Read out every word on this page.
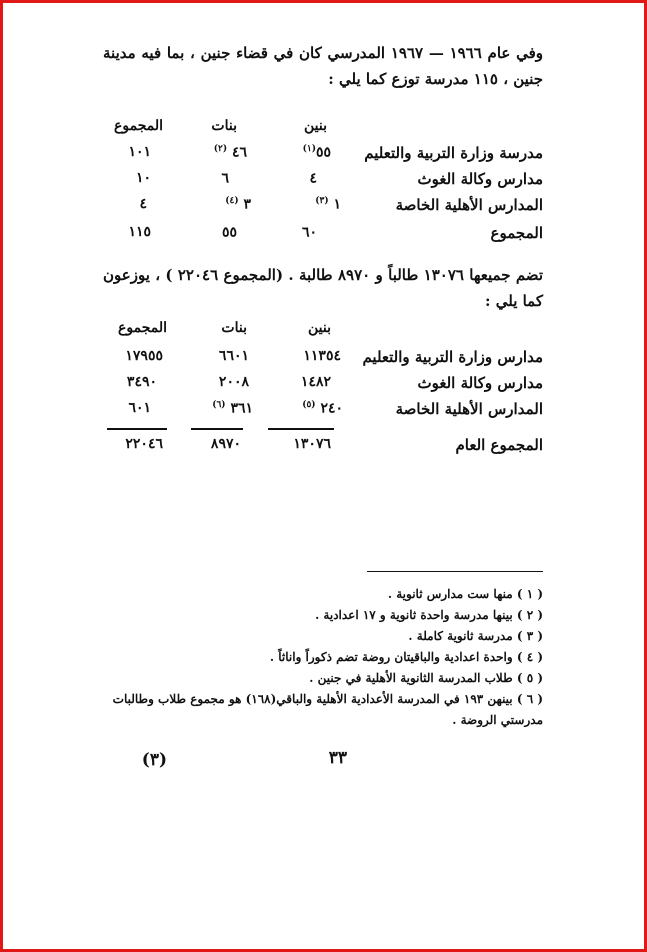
وفي عام ١٩٦٦ — ١٩٦٧ المدرسي كان في قضاء جنين ، بما فيه مدينة جنين ، ١١٥ مدرسة توزع كما يلي :
بنين
بنات
المجموع
مدرسة وزارة التربية والتعليم
٥٥$^{(١)}$
٤٦ $^{(٢)}$
١٠١
مدارس وكالة الغوث
٤
٦
١٠
المدارس الأهلية الخاصة
١ $^{(٣)}$
٣ $^{(٤)}$
٤
المجموع
٦٠
٥٥
١١٥
تضم جميعها ١٣٠٧٦ طالباً و ٨٩٧٠ طالبة . (المجموع ٢٢٠٤٦ ) ، يوزعون كما يلي :
بنين
بنات
المجموع
مدارس وزارة التربية والتعليم
١١٣٥٤
٦٦٠١
١٧٩٥٥
مدارس وكالة الغوث
١٤٨٢
٢٠٠٨
٣٤٩٠
المدارس الأهلية الخاصة
٢٤٠ $^{(٥)}$
٣٦١ $^{(٦)}$
٦٠١
المجموع العام
١٣٠٧٦
٨٩٧٠
٢٢٠٤٦

( ١ ) منها ست مدارس ثانوية .

( ٢ ) بينها مدرسة واحدة ثانوية و ١٧ اعدادية .

( ٣ ) مدرسة ثانوية كاملة .

( ٤ ) واحدة اعدادية والباقيتان روضة تضم ذكوراً واناثاً .

( ٥ ) طلاب المدرسة الثانوية الأهلية في جنين .

( ٦ ) بينهن ١٩٣ في المدرسة الأعدادية الأهلية والباقي(١٦٨) هو مجموع طلاب وطالبات مدرستي الروضة .

٣٣
(٣)
